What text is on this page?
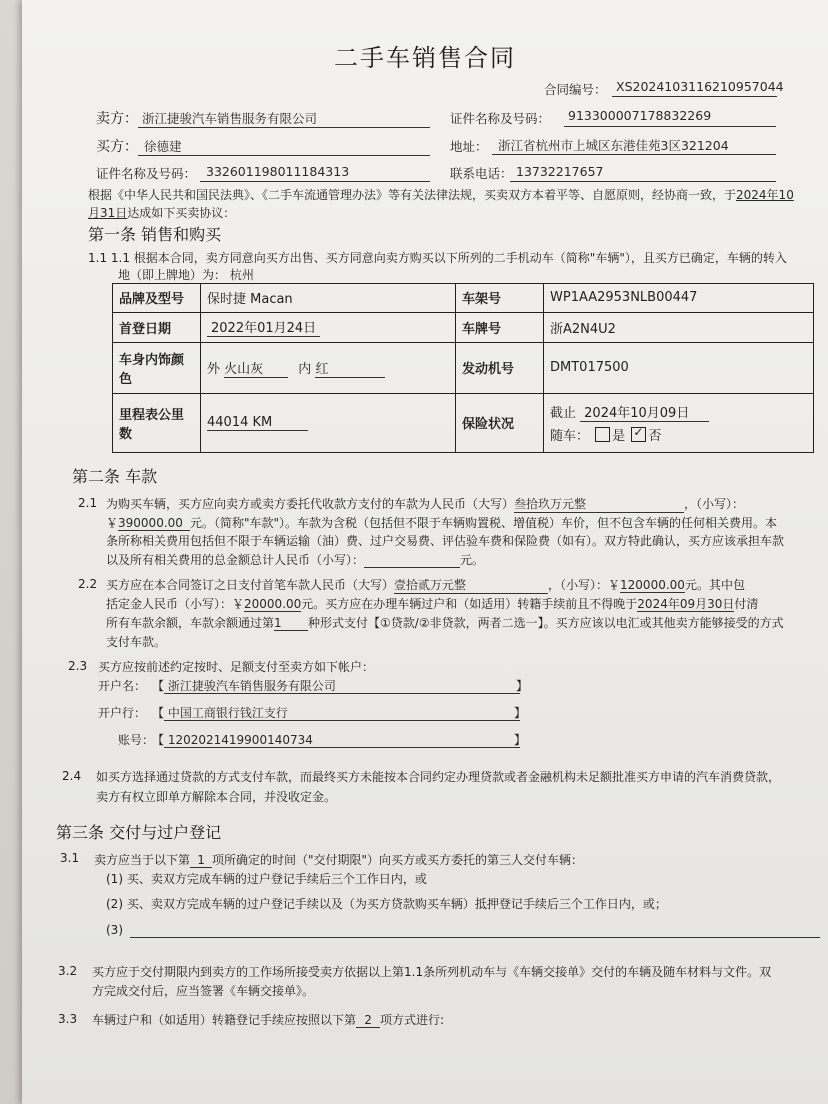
二手车销售合同
合同编号： XS2024103116210957044
卖方： 浙江捷骏汽车销售服务有限公司	证件名称及号码： 913300007178832269
买方： 徐德建	地址： 浙江省杭州市上城区东港佳苑3区321204
证件名称及号码： 332601198011184313	联系电话： 13732217657
根据《中华人民共和国民法典》、《二手车流通管理办法》等有关法律法规，买卖双方本着平等、自愿原则，经协商一致，于2024年10
月31日达成如下买卖协议：
第一条 销售和购买
1.1 1.1 根据本合同，卖方同意向买方出售、买方同意向卖方购买以下所列的二手机动车（简称"车辆"），且买方已确定，车辆的转入
地（即上牌地）为： 杭州
品牌及型号	保时捷 Macan	车架号	WP1AA2953NLB00447
首登日期	2022年01月24日	车牌号	浙A2N4U2
车身内饰颜色	外 火山灰 内 红	发动机号	DMT017500
里程表公里数	44014 KM	保险状况	截止 2024年10月09日
随车： 是 ✓ 否
第二条 车款
2.1 为购买车辆，买方应向卖方或卖方委托代收款方支付的车款为人民币（大写）叁拾玖万元整	，（小写）：
￥390000.00 元。（简称"车款"）。车款为含税（包括但不限于车辆购置税、增值税）车价，但不包含车辆的任何相关费用。本
条所称相关费用包括但不限于车辆运输（油）费、过户交易费、评估验车费和保险费（如有）。双方特此确认，买方应该承担车款
以及所有相关费用的总金额总计人民币（小写）：	元。
2.2 买方应在本合同签订之日支付首笔车款人民币（大写）壹拾贰万元整	，（小写）：￥120000.00元。其中包
括定金人民币（小写）：￥20000.00元。买方应在办理车辆过户和（如适用）转籍手续前且不得晚于2024年09月30日付清
所有车款余额，车款余额通过第1 种形式支付【①贷款/②非贷款，两者二选一】。买方应该以电汇或其他卖方能够接受的方式
支付车款。
2.3 买方应按前述约定按时、足额支付至卖方如下帐户：
开户名： 【 浙江捷骏汽车销售服务有限公司	】
开户行： 【 中国工商银行钱江支行	】
账号：
【 1202021419900140734	】
2.4 如买方选择通过贷款的方式支付车款，而最终买方未能按本合同约定办理贷款或者金融机构未足额批准买方申请的汽车消费贷款，
卖方有权立即单方解除本合同，并没收定金。
第三条 交付与过户登记
3.1 卖方应当于以下第 1 项所确定的时间（"交付期限"）向买方或买方委托的第三人交付车辆：
(1) 买、卖双方完成车辆的过户登记手续后三个工作日内，或
(2) 买、卖双方完成车辆的过户登记手续以及（为买方贷款购买车辆）抵押登记手续后三个工作日内，或；
(3)
3.2 买方应于交付期限内到卖方的工作场所接受卖方依据以上第1.1条所列机动车与《车辆交接单》交付的车辆及随车材料与文件。双
方完成交付后，应当签署《车辆交接单》。
3.3 车辆过户和（如适用）转籍登记手续应按照以下第 2 项方式进行:
